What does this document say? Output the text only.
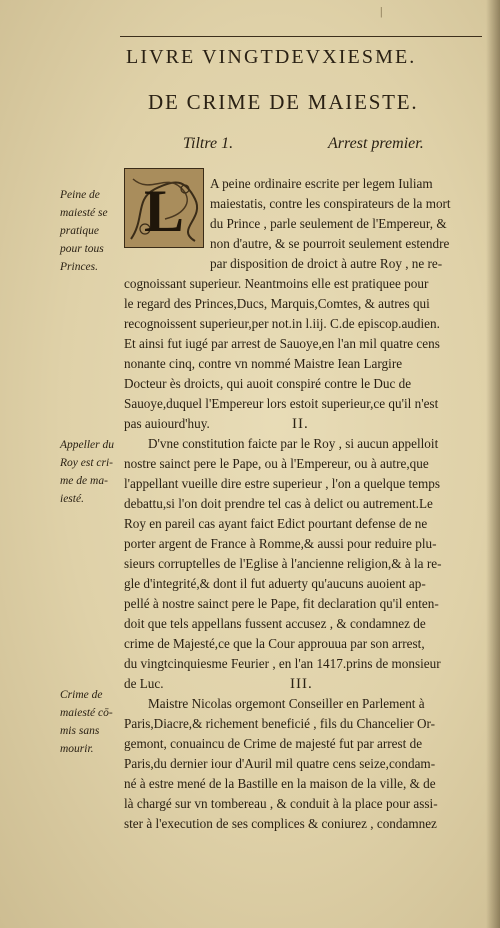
|
LIVRE VINGTDEVXIESME.
DE CRIME DE MAIESTE.
Tiltre 1.	Arrest premier.
L
Peine de
maiesté se
pratique
pour tous
Princes.
Appeller du
Roy est cri-
me de ma-
iesté.
Crime de
maiesté cō-
mis sans
mourir.
A peine ordinaire escrite per legem Iuliam
maiestatis, contre les conspirateurs de la mort
du Prince , parle seulement de l'Empereur, &
non d'autre, & se pourroit seulement estendre
par disposition de droict à autre Roy , ne re-
cognoissant superieur. Neantmoins elle est pratiquee pour
le regard des Princes,Ducs, Marquis,Comtes, & autres qui
recognoissent superieur,per not.in l.iij. C.de episcop.audien.
Et ainsi fut iugé par arrest de Sauoye,en l'an mil quatre cens
nonante cinq, contre vn nommé Maistre Iean Largire
Docteur ès droicts, qui auoit conspiré contre le Duc de
Sauoye,duquel l'Empereur lors estoit superieur,ce qu'il n'est
pas auiourd'huy.	II.
D'vne constitution faicte par le Roy , si aucun appelloit
nostre sainct pere le Pape, ou à l'Empereur, ou à autre,que
l'appellant vueille dire estre superieur , l'on a quelque temps
debattu,si l'on doit prendre tel cas à delict ou autrement.Le
Roy en pareil cas ayant faict Edict pourtant defense de ne
porter argent de France à Romme,& aussi pour reduire plu-
sieurs corruptelles de l'Eglise à l'ancienne religion,& à la re-
gle d'integrité,& dont il fut aduerty qu'aucuns auoient ap-
pellé à nostre sainct pere le Pape, fit declaration qu'il enten-
doit que tels appellans fussent accusez , & condamnez de
crime de Majesté,ce que la Cour approuua par son arrest,
du vingtcinquiesme Feurier , en l'an 1417.prins de monsieur
de Luc.	III.
Maistre Nicolas orgemont Conseiller en Parlement à
Paris,Diacre,& richement beneficié , fils du Chancelier Or-
gemont, conuaincu de Crime de majesté fut par arrest de
Paris,du dernier iour d'Auril mil quatre cens seize,condam-
né à estre mené de la Bastille en la maison de la ville, & de
là chargé sur vn tombereau , & conduit à la place pour assi-
ster à l'execution de ses complices & coniurez , condamnez
